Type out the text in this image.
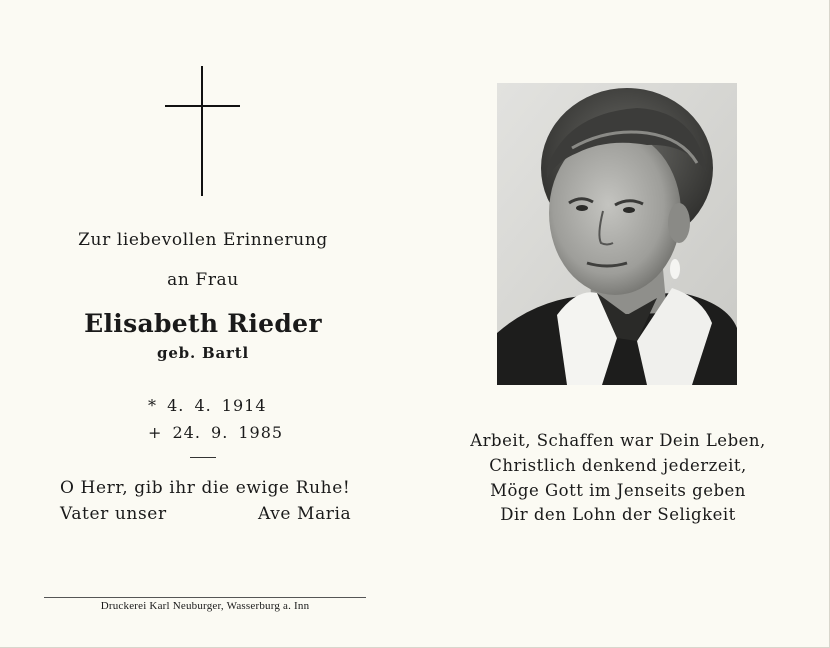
Zur liebevollen Erinnerung
an Frau
Elisabeth Rieder
geb. Bartl
* 4. 4. 1914
+ 24. 9. 1985
O Herr, gib ihr die ewige Ruhe!
Vater unser	Ave Maria
Druckerei Karl Neuburger, Wasserburg a. Inn
Arbeit, Schaffen war Dein Leben,
Christlich denkend jederzeit,
Möge Gott im Jenseits geben
Dir den Lohn der Seligkeit
